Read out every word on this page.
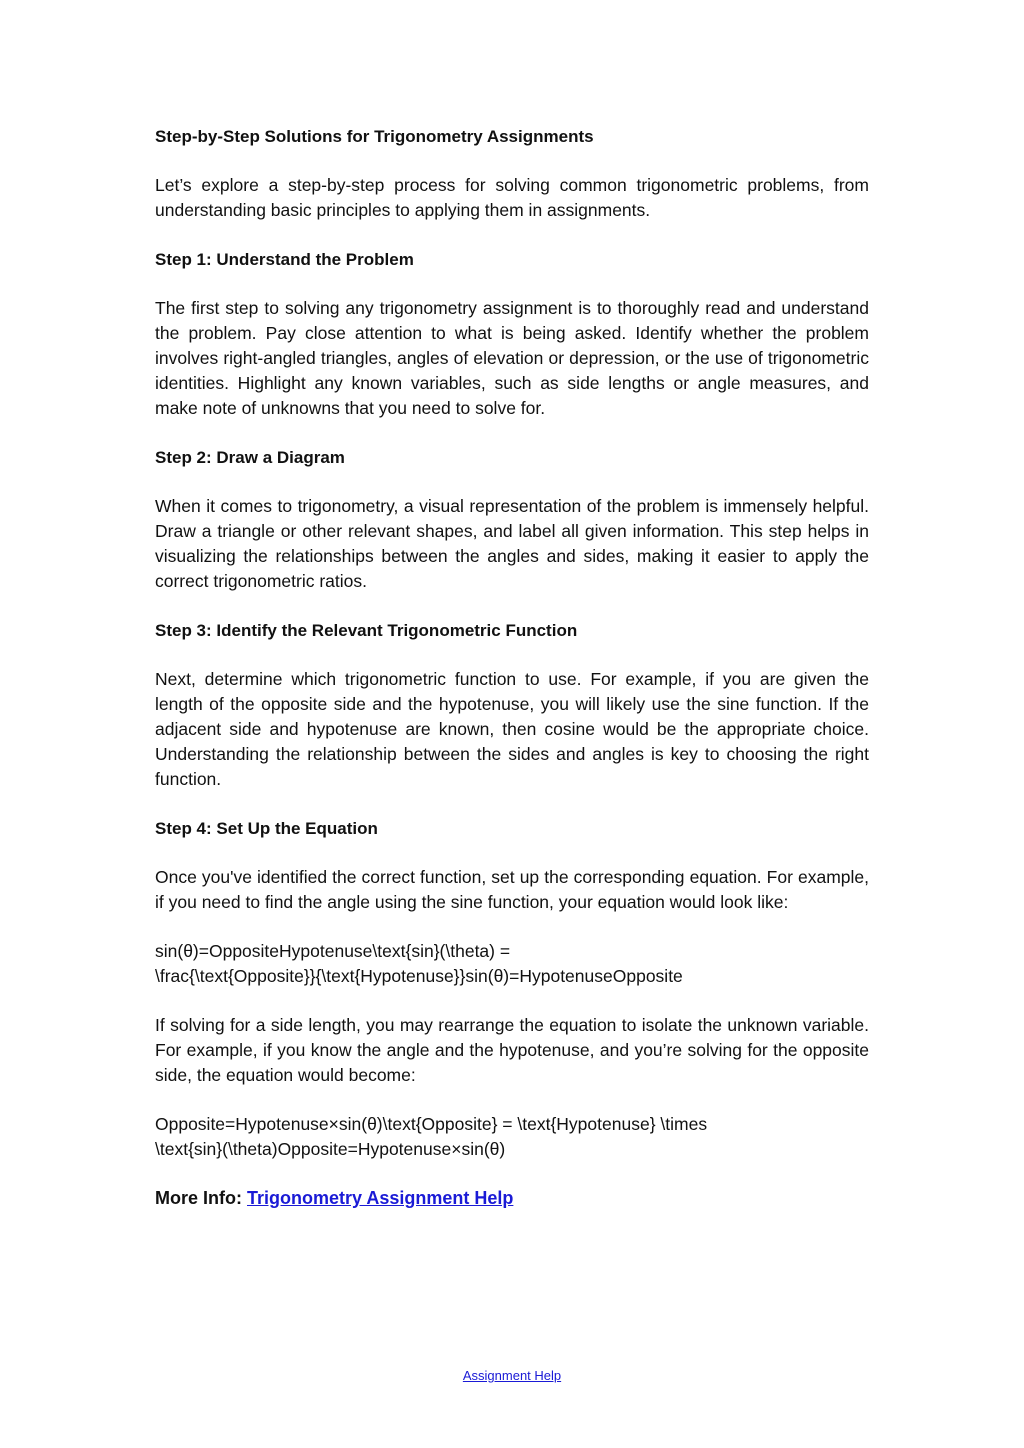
Step-by-Step Solutions for Trigonometry Assignments

Let’s explore a step-by-step process for solving common trigonometric problems, from understanding basic principles to applying them in assignments.

Step 1: Understand the Problem

The first step to solving any trigonometry assignment is to thoroughly read and understand the problem. Pay close attention to what is being asked. Identify whether the problem involves right-angled triangles, angles of elevation or depression, or the use of trigonometric identities. Highlight any known variables, such as side lengths or angle measures, and make note of unknowns that you need to solve for.

Step 2: Draw a Diagram

When it comes to trigonometry, a visual representation of the problem is immensely helpful. Draw a triangle or other relevant shapes, and label all given information. This step helps in visualizing the relationships between the angles and sides, making it easier to apply the correct trigonometric ratios.

Step 3: Identify the Relevant Trigonometric Function

Next, determine which trigonometric function to use. For example, if you are given the length of the opposite side and the hypotenuse, you will likely use the sine function. If the adjacent side and hypotenuse are known, then cosine would be the appropriate choice. Understanding the relationship between the sides and angles is key to choosing the right function.

Step 4: Set Up the Equation

Once you've identified the correct function, set up the corresponding equation. For example, if you need to find the angle using the sine function, your equation would look like:

sin(θ)=OppositeHypotenuse\text{sin}(\theta) =
\frac{\text{Opposite}}{\text{Hypotenuse}}sin(θ)=HypotenuseOpposite

If solving for a side length, you may rearrange the equation to isolate the unknown variable. For example, if you know the angle and the hypotenuse, and you’re solving for the opposite side, the equation would become:

Opposite=Hypotenuse×sin(θ)\text{Opposite} = \text{Hypotenuse} \times
\text{sin}(\theta)Opposite=Hypotenuse×sin(θ)

More Info: Trigonometry Assignment Help

Assignment Help
